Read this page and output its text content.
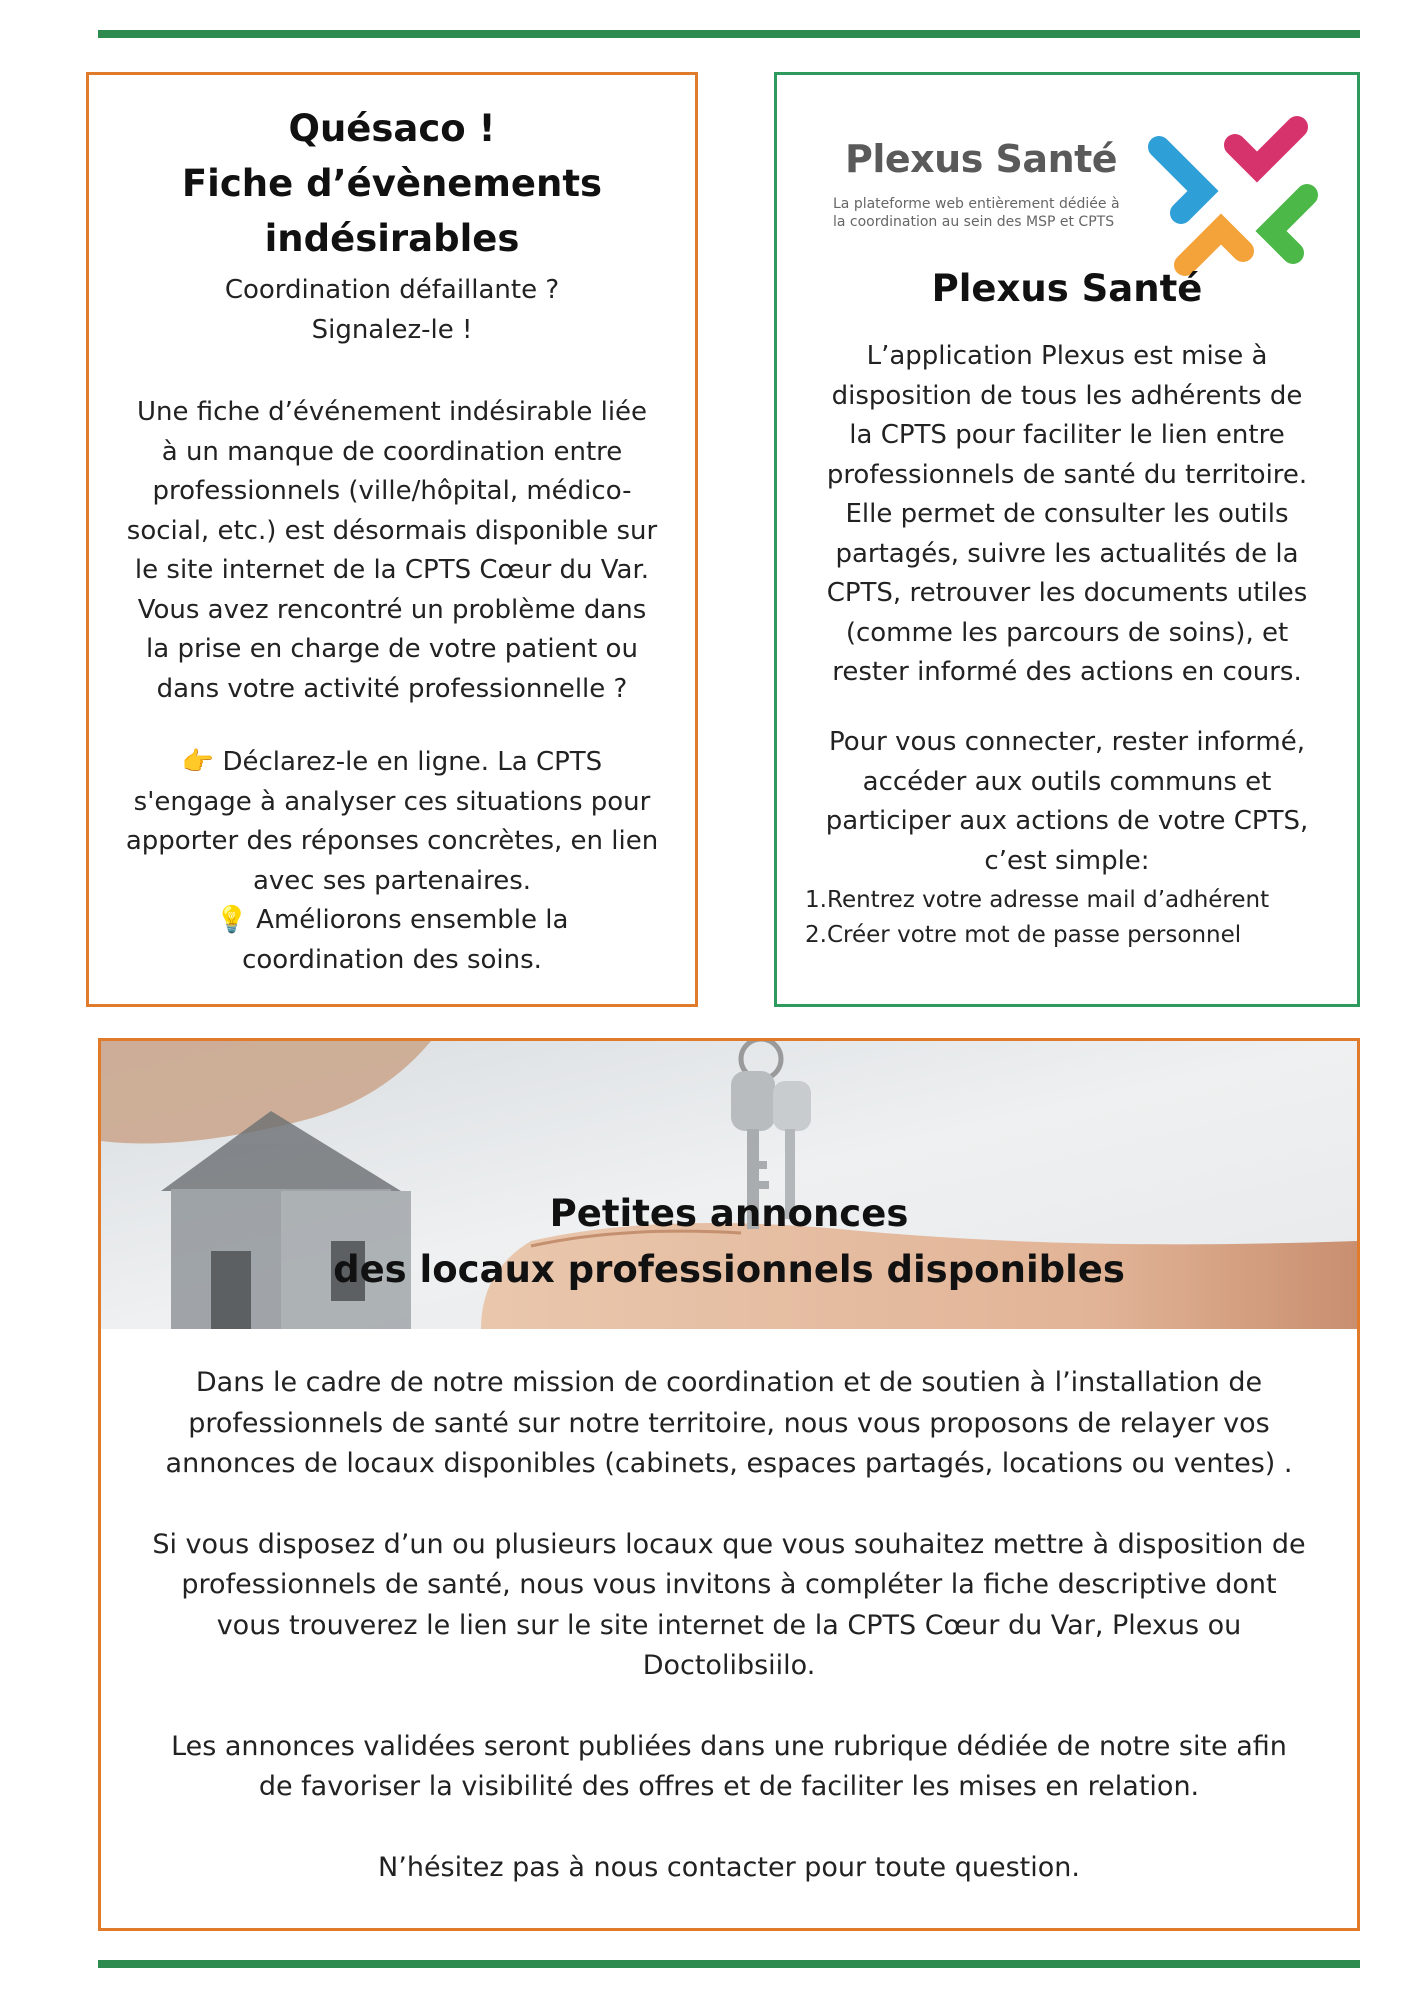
Quésaco !
Fiche d’évènements
indésirables
Coordination défaillante ?
Signalez-le !
Une fiche d’événement indésirable liée
à un manque de coordination entre
professionnels (ville/hôpital, médico-
social, etc.) est désormais disponible sur
le site internet de la CPTS Cœur du Var.
Vous avez rencontré un problème dans
la prise en charge de votre patient ou
dans votre activité professionnelle ?
👉 Déclarez-le en ligne. La CPTS
s'engage à analyser ces situations pour
apporter des réponses concrètes, en lien
avec ses partenaires.
💡 Améliorons ensemble la
coordination des soins.
Plexus Santé
La plateforme web entièrement dédiée à
la coordination au sein des MSP et CPTS
Plexus Santé
L’application Plexus est mise à
disposition de tous les adhérents de
la CPTS pour faciliter le lien entre
professionnels de santé du territoire.
Elle permet de consulter les outils
partagés, suivre les actualités de la
CPTS, retrouver les documents utiles
(comme les parcours de soins), et
rester informé des actions en cours.
Pour vous connecter, rester informé,
accéder aux outils communs et
participer aux actions de votre CPTS,
c’est simple:
1.Rentrez votre adresse mail d’adhérent
2.Créer votre mot de passe personnel
Petites annonces
des locaux professionnels disponibles
Dans le cadre de notre mission de coordination et de soutien à l’installation de
professionnels de santé sur notre territoire, nous vous proposons de relayer vos
annonces de locaux disponibles (cabinets, espaces partagés, locations ou ventes) .
Si vous disposez d’un ou plusieurs locaux que vous souhaitez mettre à disposition de
professionnels de santé, nous vous invitons à compléter la fiche descriptive dont
vous trouverez le lien sur le site internet de la CPTS Cœur du Var, Plexus ou
Doctolibsiilo.
Les annonces validées seront publiées dans une rubrique dédiée de notre site afin
de favoriser la visibilité des offres et de faciliter les mises en relation.
N’hésitez pas à nous contacter pour toute question.
